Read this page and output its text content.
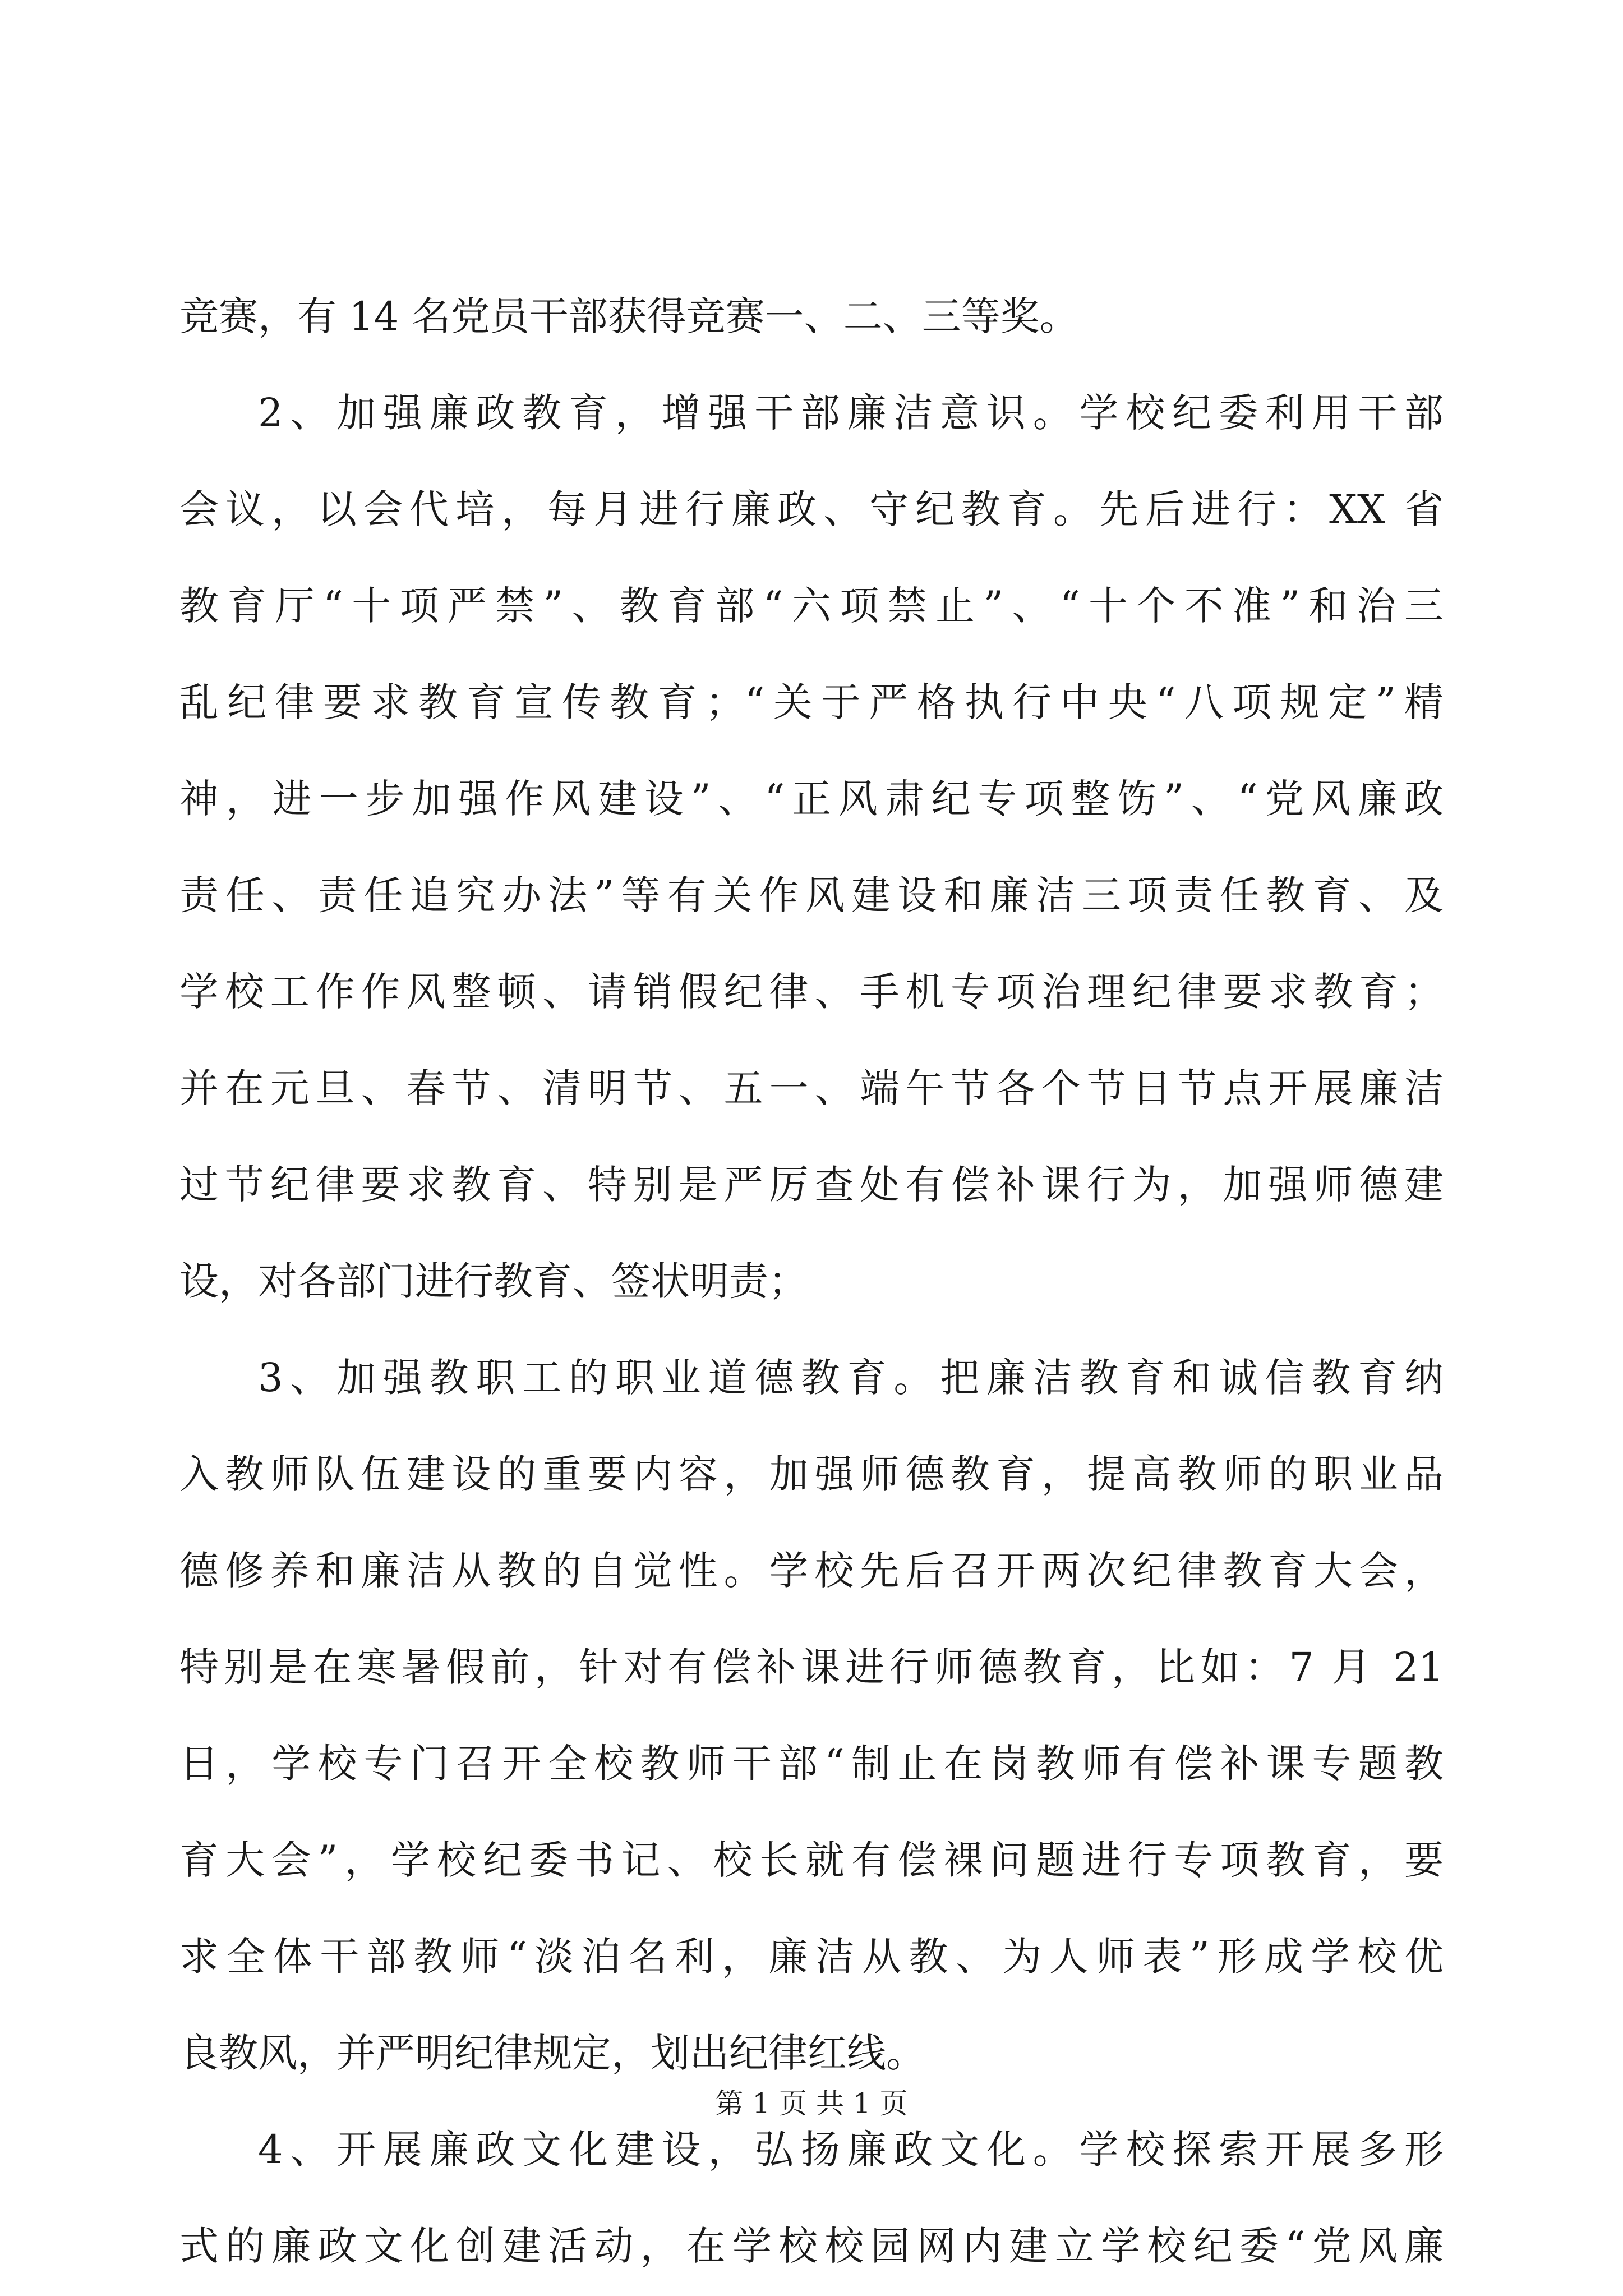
竞赛，有 14 名党员干部获得竞赛一、二、三等奖。
2、加强廉政教育，增强干部廉洁意识。学校纪委利用干部
会议，以会代培，每月进行廉政、守纪教育。先后进行：XX 省
教育厅“十项严禁”、教育部“六项禁止”、“十个不准”和治三
乱纪律要求教育宣传教育；“关于严格执行中央“八项规定”精
神，进一步加强作风建设”、“正风肃纪专项整饬”、“党风廉政
责任、责任追究办法”等有关作风建设和廉洁三项责任教育、及
学校工作作风整顿、请销假纪律、手机专项治理纪律要求教育；
并在元旦、春节、清明节、五一、端午节各个节日节点开展廉洁
过节纪律要求教育、特别是严厉查处有偿补课行为，加强师德建
设，对各部门进行教育、签状明责；
3、加强教职工的职业道德教育。把廉洁教育和诚信教育纳
入教师队伍建设的重要内容，加强师德教育，提高教师的职业品
德修养和廉洁从教的自觉性。学校先后召开两次纪律教育大会，
特别是在寒暑假前，针对有偿补课进行师德教育，比如：7 月 21
日，学校专门召开全校教师干部“制止在岗教师有偿补课专题教
育大会”，学校纪委书记、校长就有偿裸问题进行专项教育，要
求全体干部教师“淡泊名利，廉洁从教、为人师表”形成学校优
良教风，并严明纪律规定，划出纪律红线。
4、开展廉政文化建设，弘扬廉政文化。学校探索开展多形
式的廉政文化创建活动，在学校校园网内建立学校纪委“党风廉
第 1 页 共 1 页
